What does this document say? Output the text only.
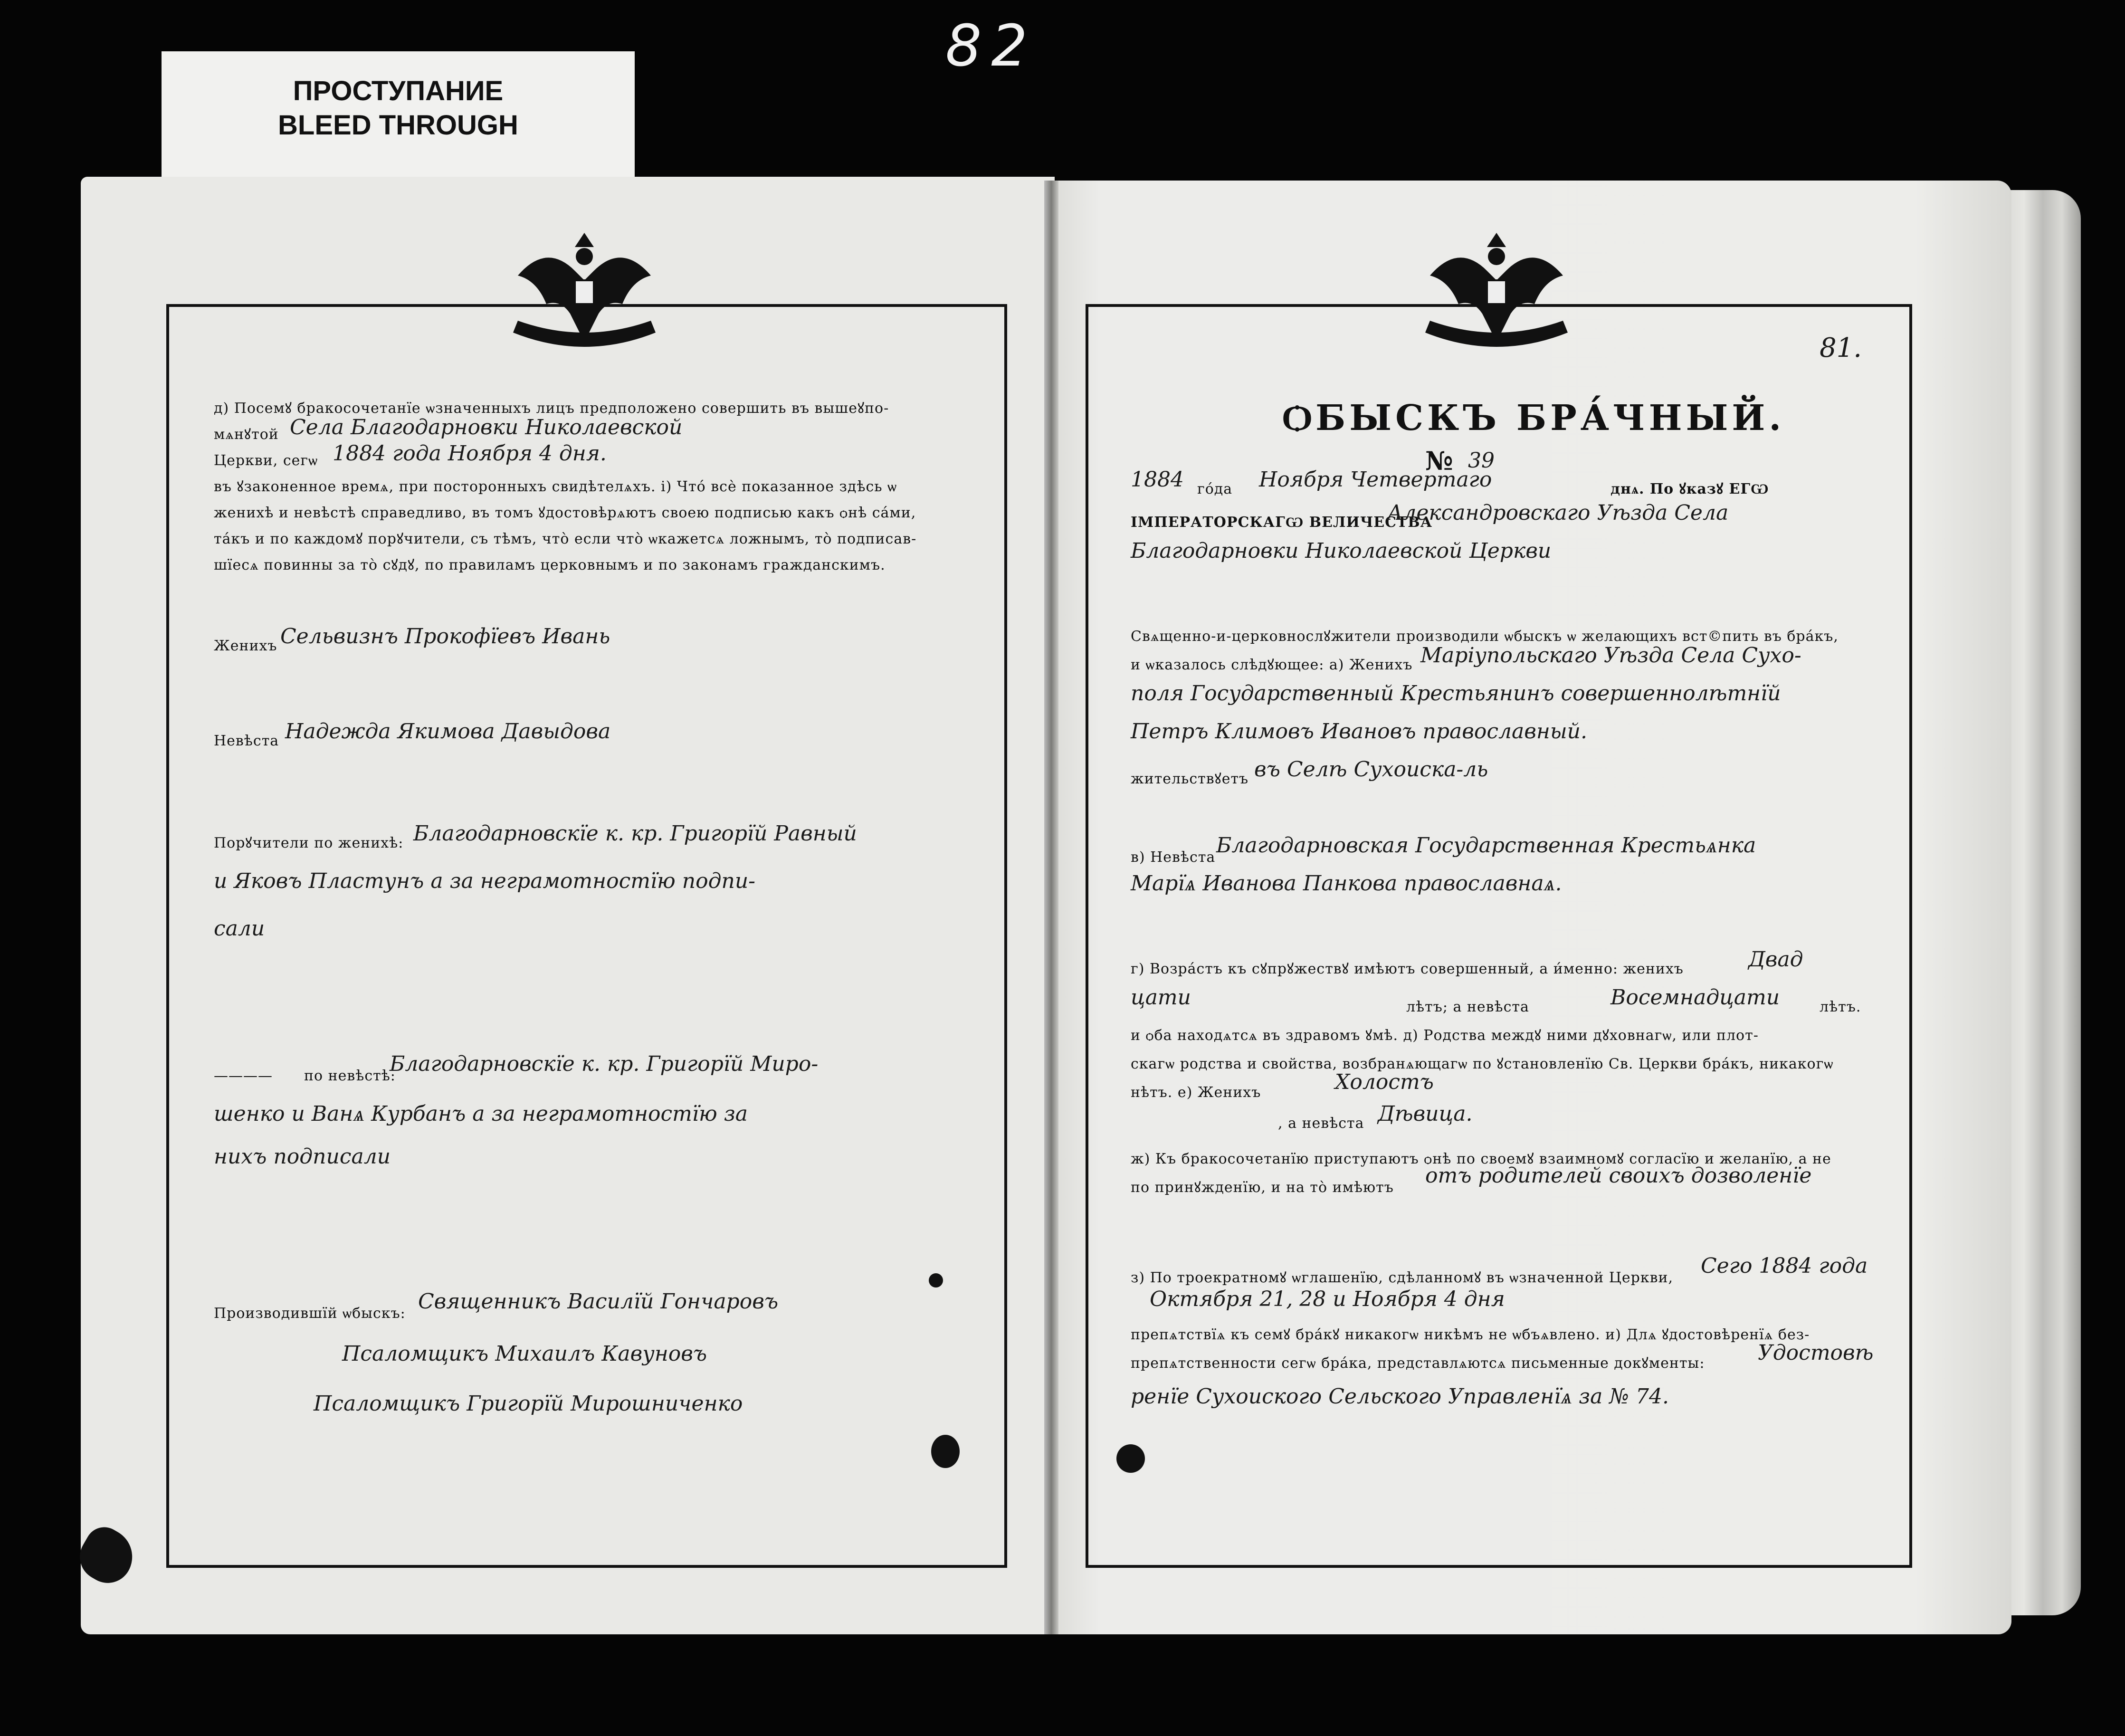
82
ПРОСТУПАНИЕ
BLEED THROUGH
д) Посемꙋ бракосочетанїе ѡзначенныхъ лицъ предположено совершить въ вышеꙋпо-
мѧнꙋтой Села Благодарновки Николаевской
Церкви, сегѡ 1884 года Ноября 4 дня.
въ ꙋзаконенное времѧ, при посторонныхъ свидѣтелѧхъ. і) Что́ всѐ показанное здѣсь ѡ
женихѣ и невѣстѣ справедливо, въ томъ ꙋдостовѣрѧютъ своею подписью какъ ѻнѣ са́ми,
та́къ и по каждомꙋ порꙋчители, съ тѣмъ, что̀ если что̀ ѡкажетсѧ ложнымъ, то̀ подписав-
шїесѧ повинны за то̀ сꙋдꙋ, по правиламъ церковнымъ и по законамъ гражданскимъ.
Женихъ Сельвизнъ Прокофїевъ Ивань
Невѣста Надежда Якимова Давыдова
Порꙋчители по женихѣ: Благодарновскїе к. кр. Григорїй Равный
и Яковъ Пластунъ а за неграмотностїю подпи-
сали
———— по невѣстѣ:
Благодарновскїе к. кр. Григорїй Миро-
шенко и Ванѧ Курбанъ а за неграмотностїю за
нихъ подписали
Производившїй ѡбыскъ: Священникъ Василїй Гончаровъ
Псаломщикъ Михаилъ Кавуновъ
Псаломщикъ Григорїй Мирошниченко
81.
ѺБЫСКЪ БРА́ЧНЫЙ.
1884 го́да Ноября Четвертаго
№ 39
днѧ. По ꙋказꙋ ЕГѠ
ІМПЕРАТОРСКАГѠ ВЕЛИЧЕСТВА
Александровскаго Уѣзда Села
Благодарновки Николаевской Церкви
Свѧщенно-и-церковнослꙋжители производили ѡбыскъ ѡ желающихъ вст©пить въ бра́къ,
и ѡказалось слѣдꙋющее: а) Женихъ Марiупольскаго Уѣзда Села Сухо-
поля Государственный Крестьянинъ совершеннолѣтнїй
Петръ Климовъ Ивановъ православный.
жительствꙋетъ въ Селѣ Сухоиска-ль
в) Невѣста Благодарновская Государственная Крестьѧнка
Марїѧ Иванова Панкова православнаѧ.
г) Возра́стъ къ сꙋпрꙋжествꙋ имѣютъ совершенный, а и́менно: женихъ	Двад
цати	лѣтъ; а невѣста	Восемнадцати	лѣтъ.
и ѻба находѧтсѧ въ здравомъ ꙋмѣ. д) Родства междꙋ ними дꙋховнагѡ, или плот-
скагѡ родства и свойства, возбранѧющагѡ по ꙋстановленїю Св. Церкви бра́къ, никакогѡ
нѣтъ. е) Женихъ	Холостъ
, а невѣста Дѣвица.
ж) Къ бракосочетанїю приступаютъ ѻнѣ по своемꙋ взаимномꙋ согласїю и желанїю, а не
по принꙋжденїю, и на то̀ имѣютъ отъ родителей своихъ дозволенїе
з) По троекратномꙋ ѡглашенїю, сдѣланномꙋ въ ѡзначенной Церкви, Сего 1884 года
Октября 21, 28 и Ноября 4 дня
препѧтствїѧ къ семꙋ бра́кꙋ никакогѡ никѣмъ не ѡбъѧвлено. и) Длѧ ꙋдостовѣренїѧ без-
препѧтственности сегѡ бра́ка, представлѧютсѧ письменные докꙋменты:	Удостовѣ
ренїе Сухоиского Сельского Управленїѧ за № 74.
